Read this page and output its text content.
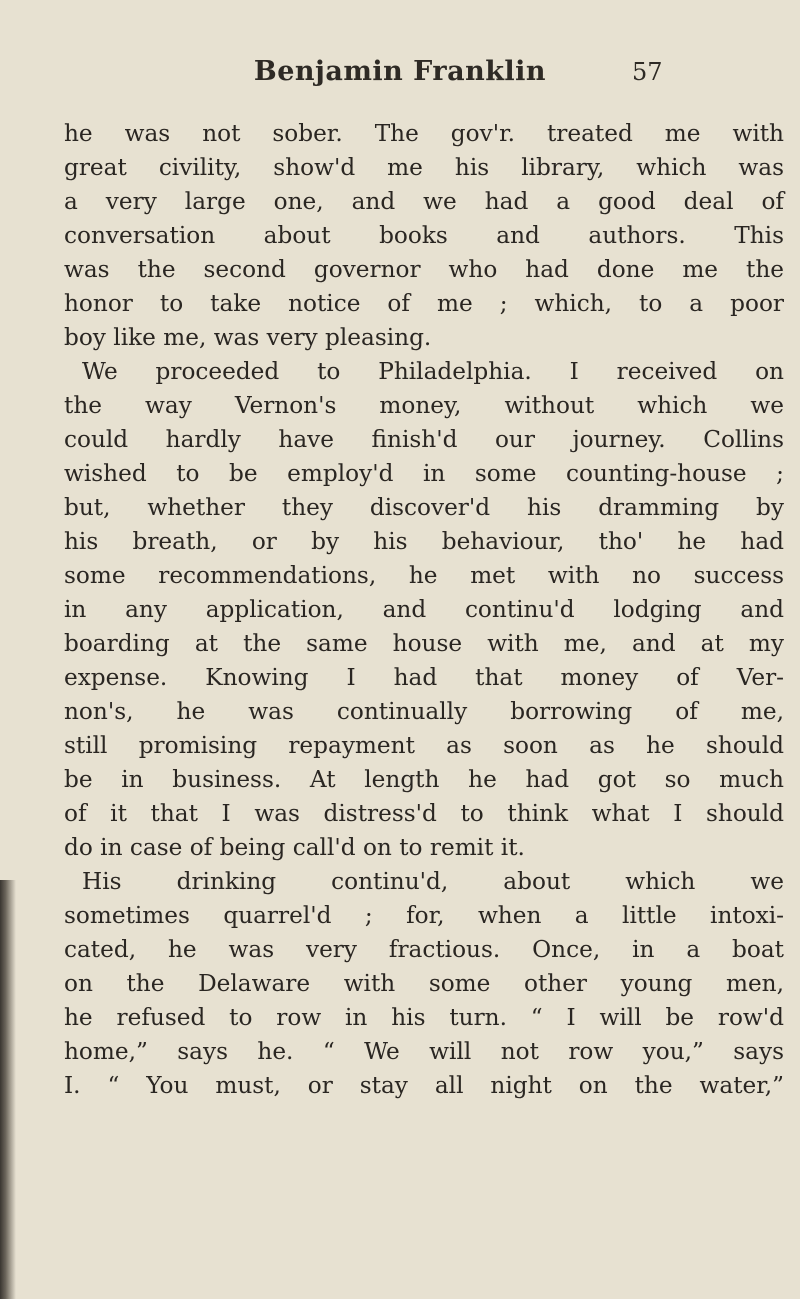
Benjamin Franklin	57
he was not sober. The gov'r. treated me with
great civility, show'd me his library, which was
a very large one, and we had a good deal of
conversation about books and authors. This
was the second governor who had done me the
honor to take notice of me ; which, to a poor
boy like me, was very pleasing.
We proceeded to Philadelphia. I received on
the way Vernon's money, without which we
could hardly have finish'd our journey. Collins
wished to be employ'd in some counting-house ;
but, whether they discover'd his dramming by
his breath, or by his behaviour, tho' he had
some recommendations, he met with no success
in any application, and continu'd lodging and
boarding at the same house with me, and at my
expense. Knowing I had that money of Ver-
non's, he was continually borrowing of me,
still promising repayment as soon as he should
be in business. At length he had got so much
of it that I was distress'd to think what I should
do in case of being call'd on to remit it.
His drinking continu'd, about which we
sometimes quarrel'd ; for, when a little intoxi-
cated, he was very fractious. Once, in a boat
on the Delaware with some other young men,
he refused to row in his turn. “ I will be row'd
home,” says he. “ We will not row you,” says
I. “ You must, or stay all night on the water,”
